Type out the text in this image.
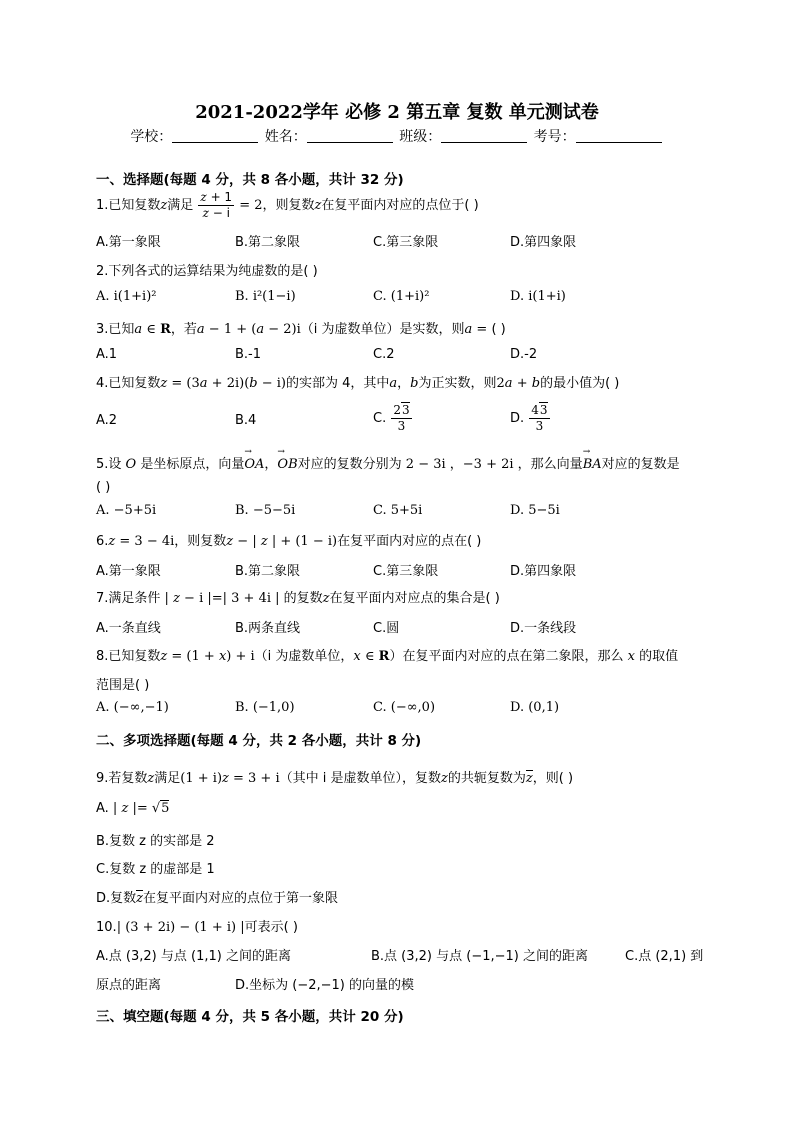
2021-2022学年 必修 2 第五章 复数 单元测试卷
学校：	姓名：	班级：	考号：
一、选择题(每题 4 分，共 8 各小题，共计 32 分)
1.已知复数z满足 $\frac{z + 1}{z - i} = 2$，则复数z在复平面内对应的点位于( )
A.第一象限	B.第二象限	C.第三象限	D.第四象限
2.下列各式的运算结果为纯虚数的是( )
A. i(1+i)²	B. i²(1−i)	C. (1+i)²	D. i(1+i)
3.已知a ∈ R，若a − 1 + (a − 2)i（i 为虚数单位）是实数，则a = ( )
A.1	B.-1	C.2	D.-2
4.已知复数z = (3a + 2i)(b − i)的实部为 4，其中a，b为正实数，则2a + b的最小值为( )
A.2	B.4	C. $\frac{23}{3}$	D. $\frac{43}{3}$
5.设 O 是坐标原点，向量→ OA，→ OB对应的复数分别为 2 − 3i ，−3 + 2i ，那么向量→ BA对应的复数是
( )
A. −5+5i	B. −5−5i	C. 5+5i	D. 5−5i
6.z = 3 − 4i，则复数z − | z | + (1 − i)在复平面内对应的点在( )
A.第一象限	B.第二象限	C.第三象限	D.第四象限
7.满足条件 | z − i |=| 3 + 4i | 的复数z在复平面内对应点的集合是( )
A.一条直线	B.两条直线	C.圆	D.一条线段
8.已知复数z = (1 + x) + i（i 为虚数单位，x ∈ R）在复平面内对应的点在第二象限，那么 x 的取值
范围是( )
A. (−∞,−1)	B. (−1,0)	C. (−∞,0)	D. (0,1)
二、多项选择题(每题 4 分，共 2 各小题，共计 8 分)
9.若复数z满足(1 + i)z = 3 + i（其中 i 是虚数单位），复数z的共轭复数为z，则( )
A. | z |= √5
B.复数 z 的实部是 2
C.复数 z 的虚部是 1
D.复数z在复平面内对应的点位于第一象限
10.| (3 + 2i) − (1 + i) |可表示( )
A.点 (3,2) 与点 (1,1) 之间的距离	B.点 (3,2) 与点 (−1,−1) 之间的距离	C.点 (2,1) 到
原点的距离	D.坐标为 (−2,−1) 的向量的模
三、填空题(每题 4 分，共 5 各小题，共计 20 分)
